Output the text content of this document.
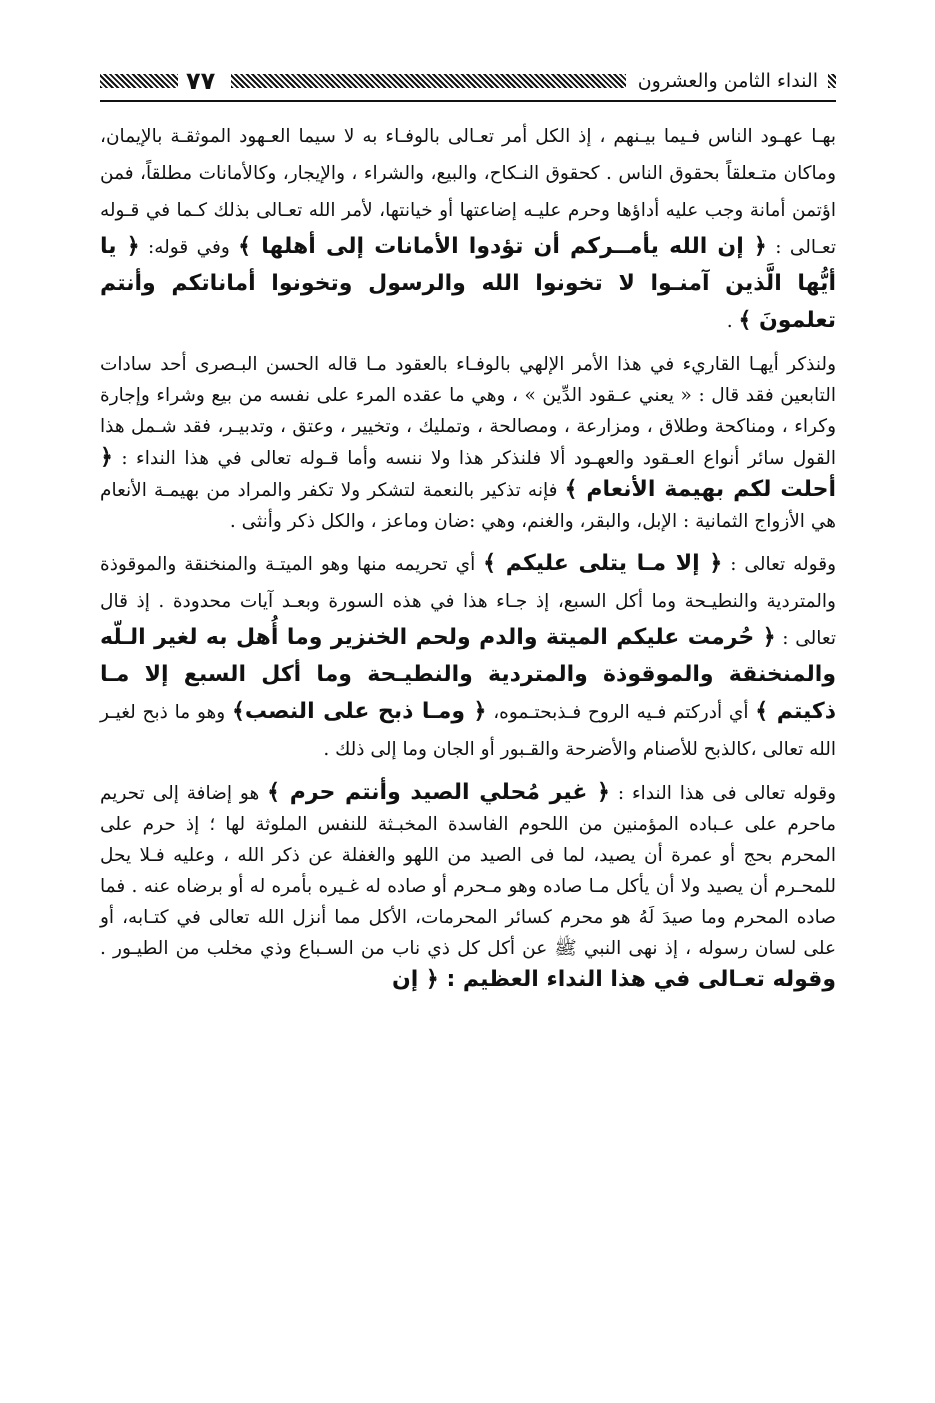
٧٧	النداء الثامن والعشرون

بهـا عهـود الناس فـيما بيـنهم ، إذ الكل أمر تعـالى بالوفـاء به لا سيما العـهود الموثقـة بالإيمان، وماكان متـعلقاً بحقوق الناس . كحقوق النـكاح، والبيع، والشراء ، والإيجار، وكالأمانات مطلقاً، فمن اؤتمن أمانة وجب عليه أداؤها وحرم عليـه إضاعتها أو خيانتها، لأمر الله تعـالى بذلك كـما في قـوله تعـالى : ﴿ إن الله يأمــركم أن تؤدوا الأمانات إلى أهلها ﴾ وفي قوله: ﴿ يا أيُّها الَّذين آمنـوا لا تخونوا الله والرسول وتخونوا أماناتكم وأنتم تعلمونَ ﴾ .

ولنذكر أيهـا القاريء في هذا الأمر الإلهي بالوفـاء بالعقود مـا قاله الحسن البـصرى أحد سادات التابعين فقد قال : « يعني عـقود الدِّين » ، وهي ما عقده المرء على نفسه من بيع وشراء وإجارة وكراء ، ومناكحة وطلاق ، ومزارعة ، ومصالحة ، وتمليك ، وتخيير ، وعتق ، وتدبيـر، فقد شـمل هذا القول سائر أنواع العـقود والعهـود ألا فلنذكر هذا ولا ننسه وأما قـوله تعالى في هذا النداء : ﴿ أحلت لكم بهيمة الأنعام ﴾ فإنه تذكير بالنعمة لتشكر ولا تكفر والمراد من بهيمـة الأنعام هي الأزواج الثمانية : الإبل، والبقر، والغنم، وهي :ضان وماعز ، والكل ذكر وأنثى .

وقوله تعالى : ﴿ إلا مـا يتلى عليكم ﴾ أي تحريمه منها وهو الميتـة والمنخنقة والموقوذة والمتردية والنطيـحة وما أكل السبع، إذ جـاء هذا في هذه السورة وبعـد آيات محدودة . إذ قال تعالى : ﴿ حُرمت عليكم الميتة والدم ولحم الخنزير وما أُهل به لغير الـلّه والمنخنقة والموقوذة والمتردية والنطيـحة وما أكل السبع إلا مـا ذكيتم ﴾ أي أدركتم فـيه الروح فـذبحتـموه، ﴿ ومـا ذبح على النصب﴾ وهو ما ذبح لغيـر الله تعالى ،كالذبح للأصنام والأضرحة والقـبور أو الجان وما إلى ذلك .

وقوله تعالى فى هذا النداء : ﴿ غير مُحلي الصيد وأنتم حرم ﴾ هو إضافة إلى تحريم ماحرم على عـباده المؤمنين من اللحوم الفاسدة المخبـثة للنفس الملوثة لها ؛ إذ حرم على المحرم بحج أو عمرة أن يصيد، لما فى الصيد من اللهو والغفلة عن ذكر الله ، وعليه فـلا يحل للمحـرم أن يصيد ولا أن يأكل مـا صاده وهو مـحرم أو صاده له غـيره بأمره له أو برضاه عنه . فما صاده المحرم وما صيدَ لَهُ هو محرم كسائر المحرمات، الأكل مما أنزل الله تعالى في كتـابه، أو على لسان رسوله ، إذ نهى النبي ﷺ عن أكل كل ذي ناب من السـباع وذي مخلب من الطيـور . وقوله تعـالى في هذا النداء العظيم : ﴿ إن
